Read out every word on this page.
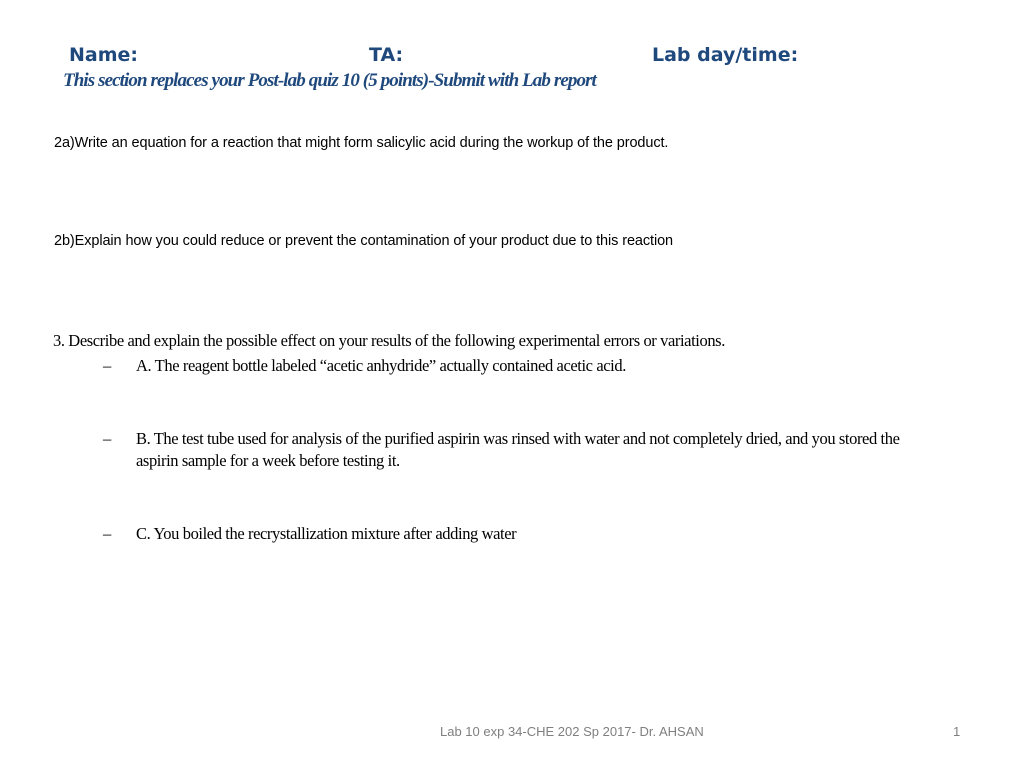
Name:	TA:	Lab day/time:
This section replaces your Post-lab quiz 10 (5 points)-Submit with Lab report
2a)Write an equation for a reaction that might form salicylic acid during the workup of the product.
2b)Explain how you could reduce or prevent the contamination of your product due to this reaction
3. Describe and explain the possible effect on your results of the following experimental errors or variations.
– A. The reagent bottle labeled “acetic anhydride” actually contained acetic acid.
– B. The test tube used for analysis of the purified aspirin was rinsed with water and not completely dried, and you stored the aspirin sample for a week before testing it.
– C. You boiled the recrystallization mixture after adding water
Lab 10 exp 34-CHE 202 Sp 2017- Dr. AHSAN	1
